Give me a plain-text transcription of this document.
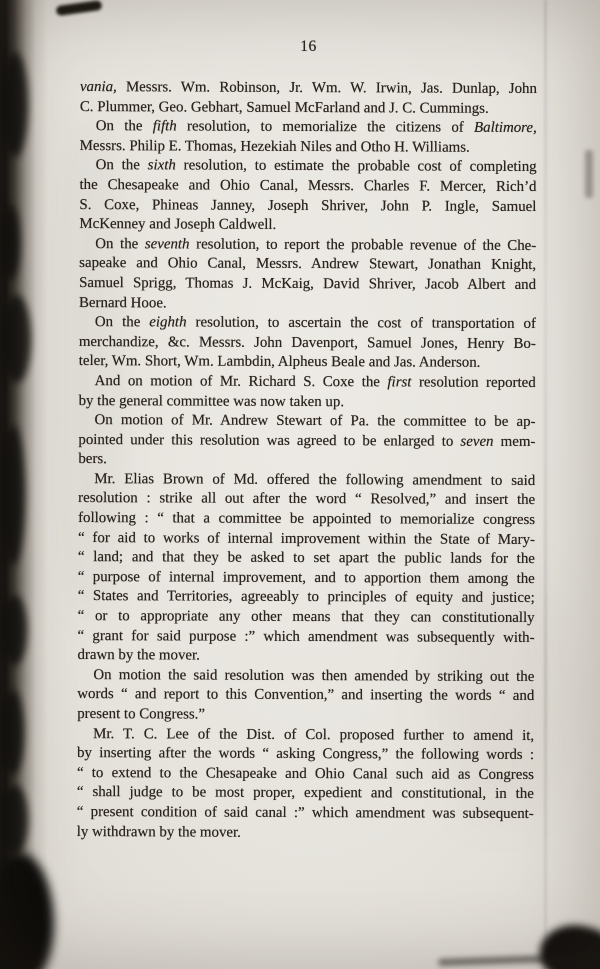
16
vania, Messrs. Wm. Robinson, Jr. Wm. W. Irwin, Jas. Dunlap, John
C. Plummer, Geo. Gebhart, Samuel McFarland and J. C. Cummings.
On the fifth resolution, to memorialize the citizens of Baltimore,
Messrs. Philip E. Thomas, Hezekiah Niles and Otho H. Williams.
On the sixth resolution, to estimate the probable cost of completing
the Chesapeake and Ohio Canal, Messrs. Charles F. Mercer, Rich’d
S. Coxe, Phineas Janney, Joseph Shriver, John P. Ingle, Samuel
McKenney and Joseph Caldwell.
On the seventh resolution, to report the probable revenue of the Che-
sapeake and Ohio Canal, Messrs. Andrew Stewart, Jonathan Knight,
Samuel Sprigg, Thomas J. McKaig, David Shriver, Jacob Albert and
Bernard Hooe.
On the eighth resolution, to ascertain the cost of transportation of
merchandize, &c. Messrs. John Davenport, Samuel Jones, Henry Bo-
teler, Wm. Short, Wm. Lambdin, Alpheus Beale and Jas. Anderson.
And on motion of Mr. Richard S. Coxe the first resolution reported
by the general committee was now taken up.
On motion of Mr. Andrew Stewart of Pa. the committee to be ap-
pointed under this resolution was agreed to be enlarged to seven mem-
bers.
Mr. Elias Brown of Md. offered the following amendment to said
resolution : strike all out after the word “ Resolved,” and insert the
following : “ that a committee be appointed to memorialize congress
“ for aid to works of internal improvement within the State of Mary-
“ land; and that they be asked to set apart the public lands for the
“ purpose of internal improvement, and to apportion them among the
“ States and Territories, agreeably to principles of equity and justice;
“ or to appropriate any other means that they can constitutionally
“ grant for said purpose :” which amendment was subsequently with-
drawn by the mover.
On motion the said resolution was then amended by striking out the
words “ and report to this Convention,” and inserting the words “ and
present to Congress.”
Mr. T. C. Lee of the Dist. of Col. proposed further to amend it,
by inserting after the words “ asking Congress,” the following words :
“ to extend to the Chesapeake and Ohio Canal such aid as Congress
“ shall judge to be most proper, expedient and constitutional, in the
“ present condition of said canal :” which amendment was subsequent-
ly withdrawn by the mover.
